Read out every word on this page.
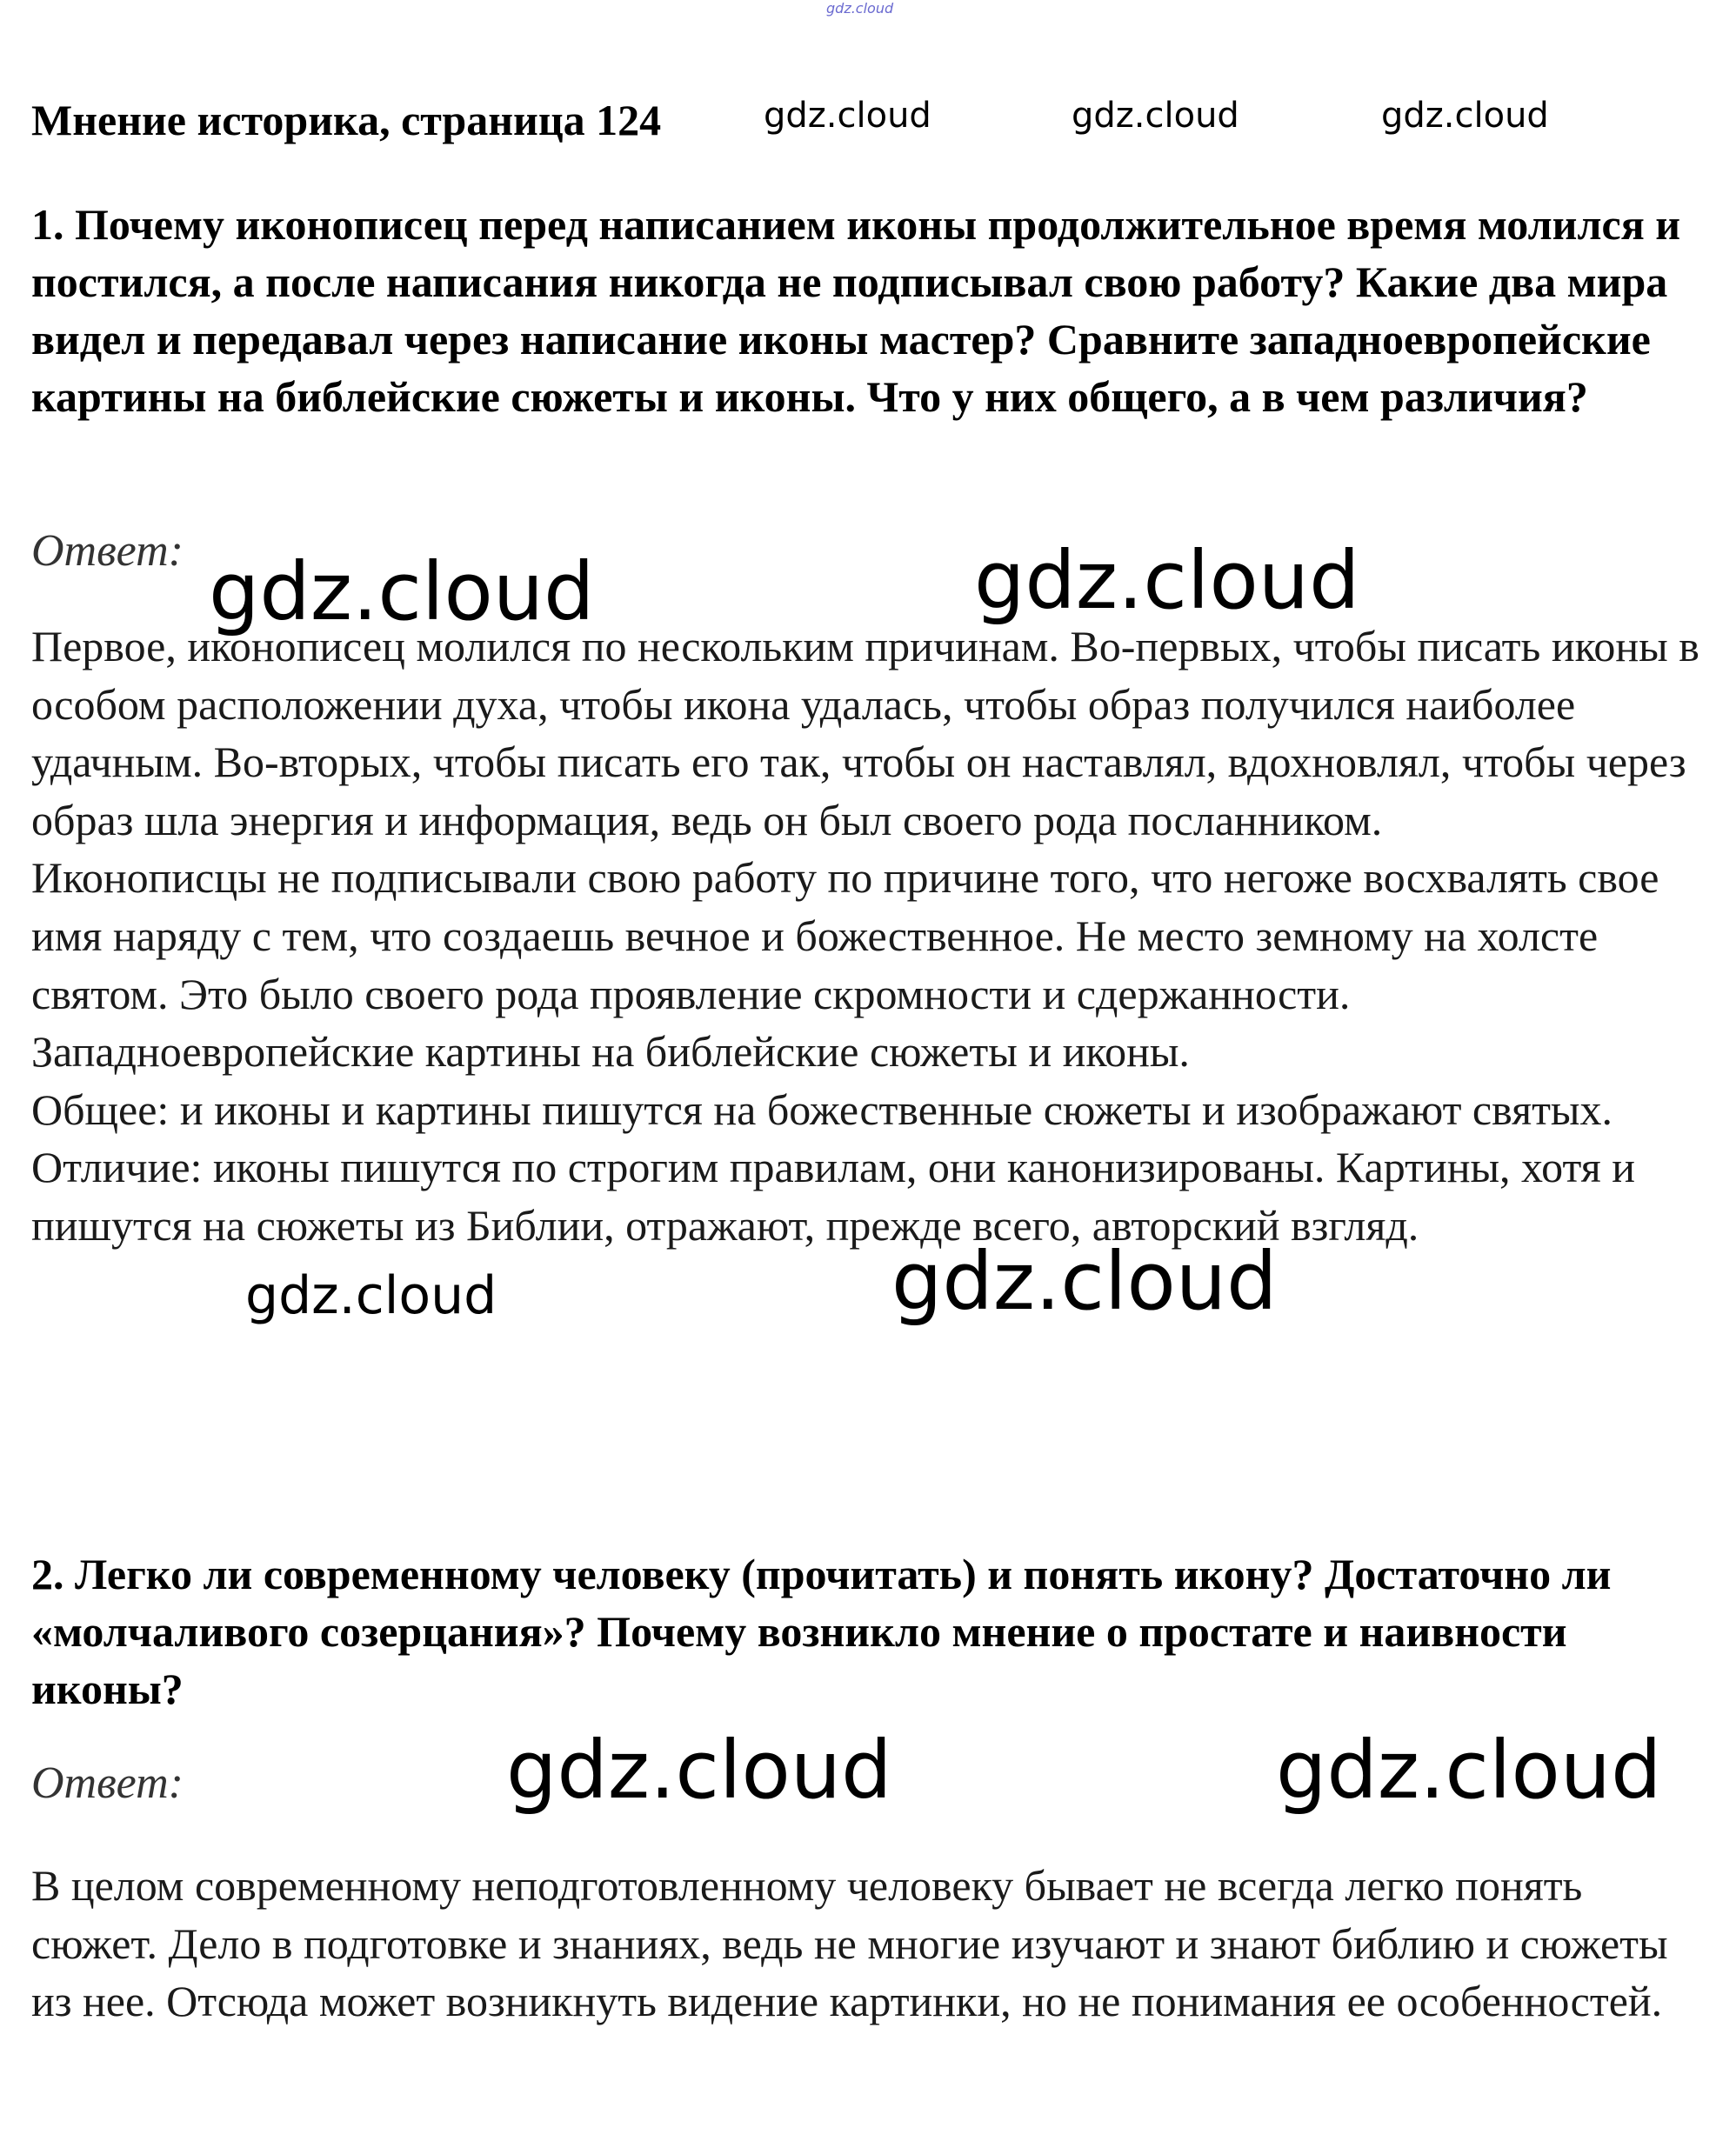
gdz.cloud
Мнение историка, страница 124	gdz.cloud	gdz.cloud	gdz.cloud

1. Почему иконописец перед написанием иконы продолжительное время молился и постился, а после написания никогда не подписывал свою работу? Какие два мира видел и передавал через написание иконы мастер? Сравните западноевропейские картины на библейские сюжеты и иконы. Что у них общего, а в чем различия?

Ответ: gdz.cloud	gdz.cloud

Первое, иконописец молился по нескольким причинам. Во-первых, чтобы писать иконы в особом расположении духа, чтобы икона удалась, чтобы образ получился наиболее удачным. Во-вторых, чтобы писать его так, чтобы он наставлял, вдохновлял, чтобы через образ шла энергия и информация, ведь он был своего рода посланником.

Иконописцы не подписывали свою работу по причине того, что негоже восхвалять свое имя наряду с тем, что создаешь вечное и божественное. Не место земному на холсте святом. Это было своего рода проявление скромности и сдержанности.

Западноевропейские картины на библейские сюжеты и иконы.

Общее: и иконы и картины пишутся на божественные сюжеты и изображают святых.

Отличие: иконы пишутся по строгим правилам, они канонизированы. Картины, хотя и пишутся на сюжеты из Библии, отражают, прежде всего, авторский взгляд.

gdz.cloud	gdz.cloud

2. Легко ли современному человеку (прочитать) и понять икону? Достаточно ли «молчаливого созерцания»? Почему возникло мнение о простате и наивности иконы?

Ответ:	gdz.cloud	gdz.cloud

В целом современному неподготовленному человеку бывает не всегда легко понять сюжет. Дело в подготовке и знаниях, ведь не многие изучают и знают библию и сюжеты из нее. Отсюда может возникнуть видение картинки, но не понимания ее особенностей.
